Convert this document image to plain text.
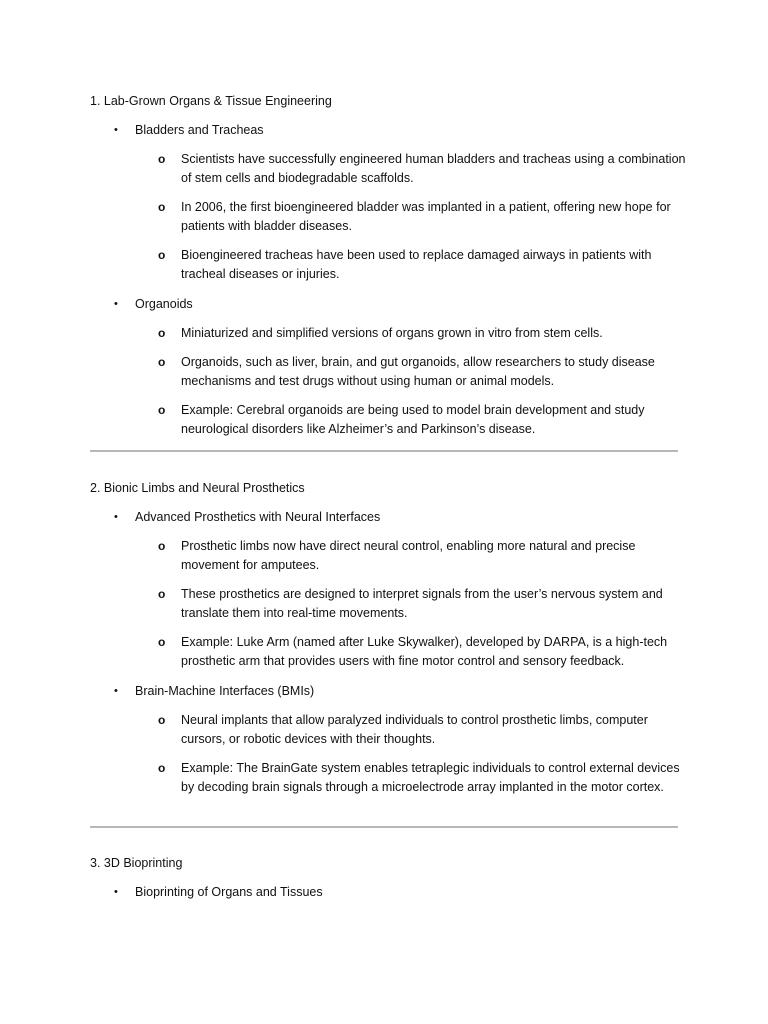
1. Lab-Grown Organs & Tissue Engineering
• Bladders and Tracheas
o Scientists have successfully engineered human bladders and tracheas using a combination of stem cells and biodegradable scaffolds.
o In 2006, the first bioengineered bladder was implanted in a patient, offering new hope for patients with bladder diseases.
o Bioengineered tracheas have been used to replace damaged airways in patients with tracheal diseases or injuries.
• Organoids
o Miniaturized and simplified versions of organs grown in vitro from stem cells.
o Organoids, such as liver, brain, and gut organoids, allow researchers to study disease mechanisms and test drugs without using human or animal models.
o Example: Cerebral organoids are being used to model brain development and study neurological disorders like Alzheimer’s and Parkinson’s disease.
2. Bionic Limbs and Neural Prosthetics
• Advanced Prosthetics with Neural Interfaces
o Prosthetic limbs now have direct neural control, enabling more natural and precise movement for amputees.
o These prosthetics are designed to interpret signals from the user’s nervous system and translate them into real-time movements.
o Example: Luke Arm (named after Luke Skywalker), developed by DARPA, is a high-tech prosthetic arm that provides users with fine motor control and sensory feedback.
• Brain-Machine Interfaces (BMIs)
o Neural implants that allow paralyzed individuals to control prosthetic limbs, computer cursors, or robotic devices with their thoughts.
o Example: The BrainGate system enables tetraplegic individuals to control external devices by decoding brain signals through a microelectrode array implanted in the motor cortex.
3. 3D Bioprinting
• Bioprinting of Organs and Tissues
